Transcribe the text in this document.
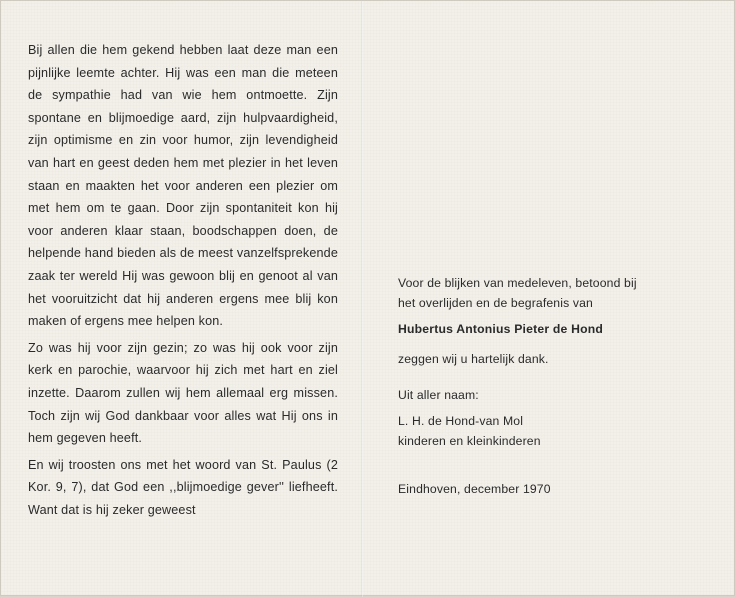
Bij allen die hem gekend hebben laat deze man een pijnlijke leemte achter. Hij was een man die meteen de sympathie had van wie hem ontmoette. Zijn spontane en blijmoedige aard, zijn hulpvaardigheid, zijn optimisme en zin voor humor, zijn levendigheid van hart en geest deden hem met plezier in het leven staan en maakten het voor anderen een plezier om met hem om te gaan. Door zijn spontaniteit kon hij voor anderen klaar staan, boodschappen doen, de helpende hand bieden als de meest vanzelfsprekende zaak ter wereld Hij was gewoon blij en genoot al van het vooruitzicht dat hij anderen ergens mee blij kon maken of ergens mee helpen kon.

Zo was hij voor zijn gezin; zo was hij ook voor zijn kerk en parochie, waarvoor hij zich met hart en ziel inzette. Daarom zullen wij hem allemaal erg missen. Toch zijn wij God dankbaar voor alles wat Hij ons in hem gegeven heeft.

En wij troosten ons met het woord van St. Paulus (2 Kor. 9, 7), dat God een ,,blijmoedige gever'' liefheeft. Want dat is hij zeker geweest

Voor de blijken van medeleven, betoond bij
het overlijden en de begrafenis van
Hubertus Antonius Pieter de Hond
zeggen wij u hartelijk dank.
Uit aller naam:
L. H. de Hond-van Mol
kinderen en kleinkinderen
Eindhoven, december 1970
